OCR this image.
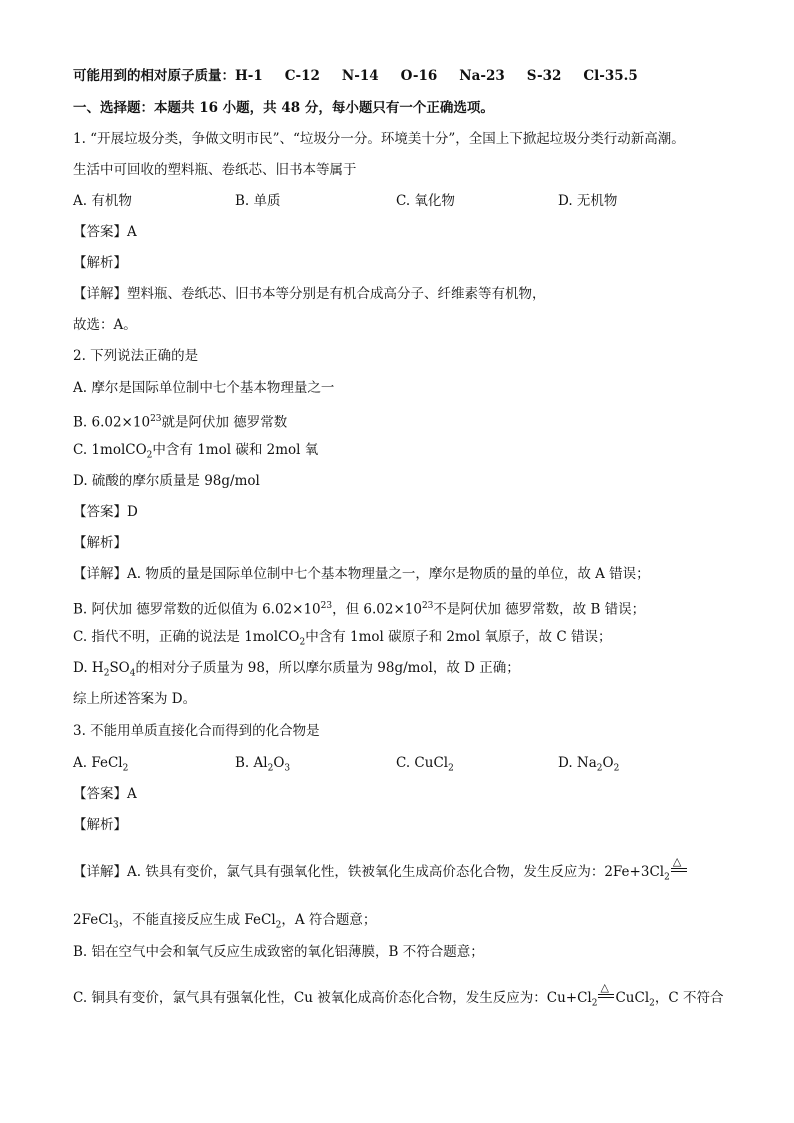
可能用到的相对原子质量：H-1 C-12 N-14 O-16 Na-23 S-32 Cl-35.5
一、选择题：本题共 16 小题，共 48 分，每小题只有一个正确选项。
1. “开展垃圾分类，争做文明市民”、“垃圾分一分。环境美十分”，全国上下掀起垃圾分类行动新高潮。
生活中可回收的塑料瓶、卷纸芯、旧书本等属于
A. 有机物	B. 单质	C. 氧化物	D. 无机物
【答案】A
【解析】
【详解】塑料瓶、卷纸芯、旧书本等分别是有机合成高分子、纤维素等有机物，
故选：A。
2. 下列说法正确的是
A. 摩尔是国际单位制中七个基本物理量之一
B. $6.02\times 10^{23}$就是阿伏加 德罗常数
C. 1molCO$_2$中含有 1mol 碳和 2mol 氧
D. 硫酸的摩尔质量是 98g/mol
【答案】D
【解析】
【详解】A. 物质的量是国际单位制中七个基本物理量之一，摩尔是物质的量的单位，故 A 错误；
B. 阿伏加 德罗常数的近似值为 $6.02\times 10^{23}$，但 $6.02\times 10^{23}$不是阿伏加 德罗常数，故 B 错误；
C. 指代不明，正确的说法是 1molCO$_2$中含有 1mol 碳原子和 2mol 氧原子，故 C 错误；
D. $H_2SO_4$的相对分子质量为 98，所以摩尔质量为 98g/mol，故 D 正确；
综上所述答案为 D。
3. 不能用单质直接化合而得到的化合物是
A. FeCl$_2$	B. $Al_2O_3$	C. CuCl$_2$	D. $Na_2O_2$
【答案】A
【解析】
【详解】A. 铁具有变价，氯气具有强氧化性，铁被氧化生成高价态化合物，发生反应为：$2Fe+3Cl_2$
△
2FeCl$_3$，不能直接反应生成 FeCl$_2$，A 符合题意；
B. 铝在空气中会和氧气反应生成致密的氧化铝薄膜，B 不符合题意；
C. 铜具有变价，氯气具有强氧化性，Cu 被氧化成高价态化合物，发生反应为：$Cu+Cl_2$
△
CuCl$_2$，C 不符合
